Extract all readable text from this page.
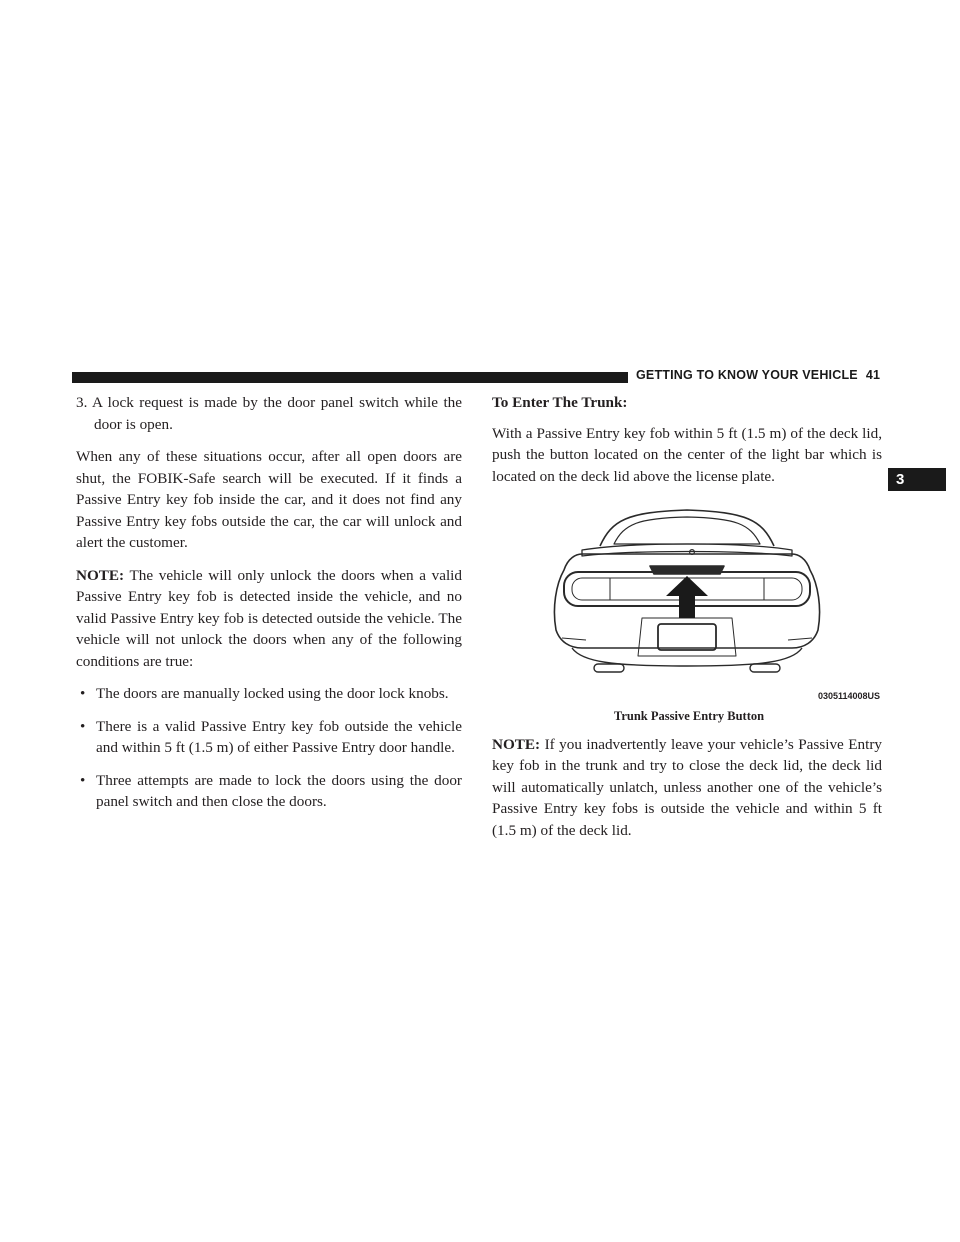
GETTING TO KNOW YOUR VEHICLE 41
3

3. A lock request is made by the door panel switch while the door is open.

When any of these situations occur, after all open doors are shut, the FOBIK-Safe search will be executed. If it finds a Passive Entry key fob inside the car, and it does not find any Passive Entry key fobs outside the car, the car will unlock and alert the customer.

NOTE: The vehicle will only unlock the doors when a valid Passive Entry key fob is detected inside the vehicle, and no valid Passive Entry key fob is detected outside the vehicle. The vehicle will not unlock the doors when any of the following conditions are true:

• The doors are manually locked using the door lock knobs.

• There is a valid Passive Entry key fob outside the vehicle and within 5 ft (1.5 m) of either Passive Entry door handle.

• Three attempts are made to lock the doors using the door panel switch and then close the doors.

To Enter The Trunk:

With a Passive Entry key fob within 5 ft (1.5 m) of the deck lid, push the button located on the center of the light bar which is located on the deck lid above the license plate.

0305114008US

Trunk Passive Entry Button

NOTE: If you inadvertently leave your vehicle’s Passive Entry key fob in the trunk and try to close the deck lid, the deck lid will automatically unlatch, unless another one of the vehicle’s Passive Entry key fobs is outside the vehicle and within 5 ft (1.5 m) of the deck lid.
